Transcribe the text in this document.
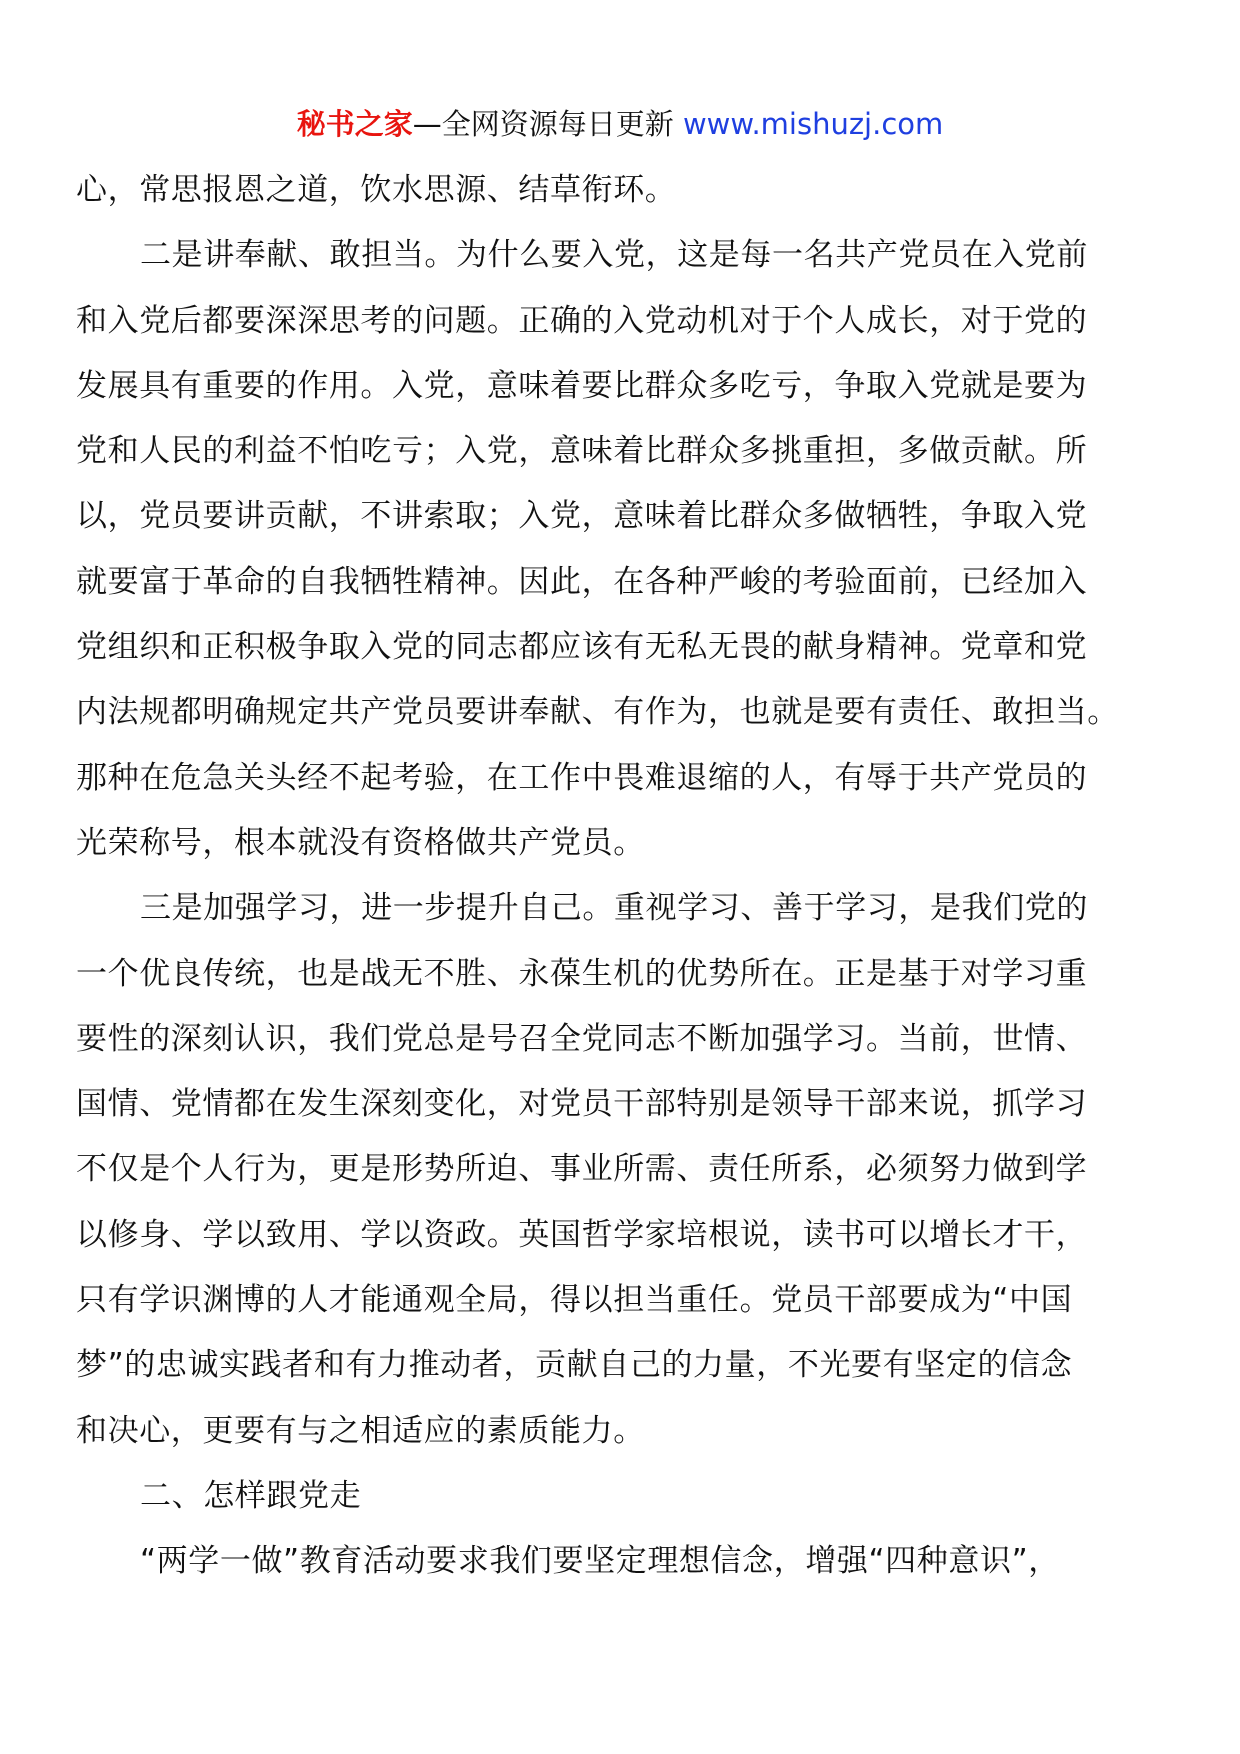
秘书之家—全网资源每日更新 www.mishuzj.com
心，常思报恩之道，饮水思源、结草衔环。
二是讲奉献、敢担当。为什么要入党，这是每一名共产党员在入党前
和入党后都要深深思考的问题。正确的入党动机对于个人成长，对于党的
发展具有重要的作用。入党，意味着要比群众多吃亏，争取入党就是要为
党和人民的利益不怕吃亏；入党，意味着比群众多挑重担，多做贡献。所
以，党员要讲贡献，不讲索取；入党，意味着比群众多做牺牲，争取入党
就要富于革命的自我牺牲精神。因此，在各种严峻的考验面前，已经加入
党组织和正积极争取入党的同志都应该有无私无畏的献身精神。党章和党
内法规都明确规定共产党员要讲奉献、有作为，也就是要有责任、敢担当。
那种在危急关头经不起考验，在工作中畏难退缩的人，有辱于共产党员的
光荣称号，根本就没有资格做共产党员。
三是加强学习，进一步提升自己。重视学习、善于学习，是我们党的
一个优良传统，也是战无不胜、永葆生机的优势所在。正是基于对学习重
要性的深刻认识，我们党总是号召全党同志不断加强学习。当前，世情、
国情、党情都在发生深刻变化，对党员干部特别是领导干部来说，抓学习
不仅是个人行为，更是形势所迫、事业所需、责任所系，必须努力做到学
以修身、学以致用、学以资政。英国哲学家培根说，读书可以增长才干，
只有学识渊博的人才能通观全局，得以担当重任。党员干部要成为“中国
梦”的忠诚实践者和有力推动者，贡献自己的力量，不光要有坚定的信念
和决心，更要有与之相适应的素质能力。
二、怎样跟党走
“两学一做”教育活动要求我们要坚定理想信念，增强“四种意识”，
